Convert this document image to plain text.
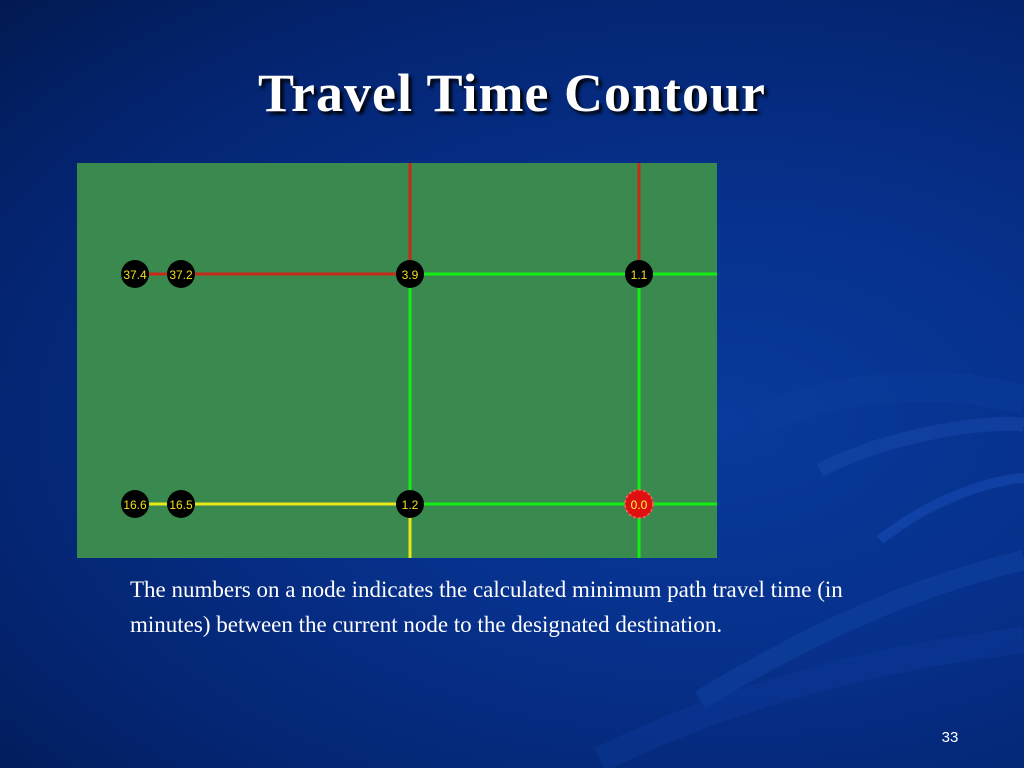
Travel Time Contour
37.4 37.2	3.9	1.1
16.6 16.5	1.2	0.0
The numbers on a node indicates the calculated minimum path travel time (in minutes) between the current node to the designated destination.
33
